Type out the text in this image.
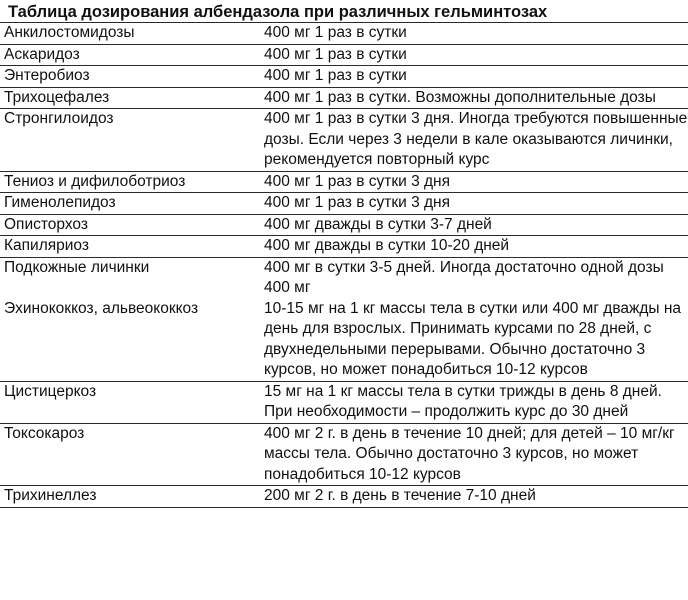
Таблица дозирования албендазола при различных гельминтозах
Анкилостомидозы	400 мг 1 раз в сутки
Аскаридоз	400 мг 1 раз в сутки
Энтеробиоз	400 мг 1 раз в сутки
Трихоцефалез	400 мг 1 раз в сутки. Возможны дополнительные дозы
Стронгилоидоз	400 мг 1 раз в сутки 3 дня. Иногда требуются повышенные дозы. Если через 3 недели в кале оказываются личинки, рекомендуется повторный курс
Тениоз и дифилоботриоз	400 мг 1 раз в сутки 3 дня
Гименолепидоз	400 мг 1 раз в сутки 3 дня
Описторхоз	400 мг дважды в сутки 3-7 дней
Капиляриоз	400 мг дважды в сутки 10-20 дней
Подкожные личинки	400 мг в сутки 3-5 дней. Иногда достаточно одной дозы 400 мг
Эхинококкоз, альвеококкоз	10-15 мг на 1 кг массы тела в сутки или 400 мг дважды на день для взрослых. Принимать курсами по 28 дней, с двухнедельными перерывами. Обычно достаточно 3 курсов, но может понадобиться 10-12 курсов
Цистицеркоз	15 мг на 1 кг массы тела в сутки трижды в день 8 дней. При необходимости – продолжить курс до 30 дней
Токсокароз	400 мг 2 г. в день в течение 10 дней; для детей – 10 мг/кг массы тела. Обычно достаточно 3 курсов, но может понадобиться 10-12 курсов
Трихинеллез	200 мг 2 г. в день в течение 7-10 дней
